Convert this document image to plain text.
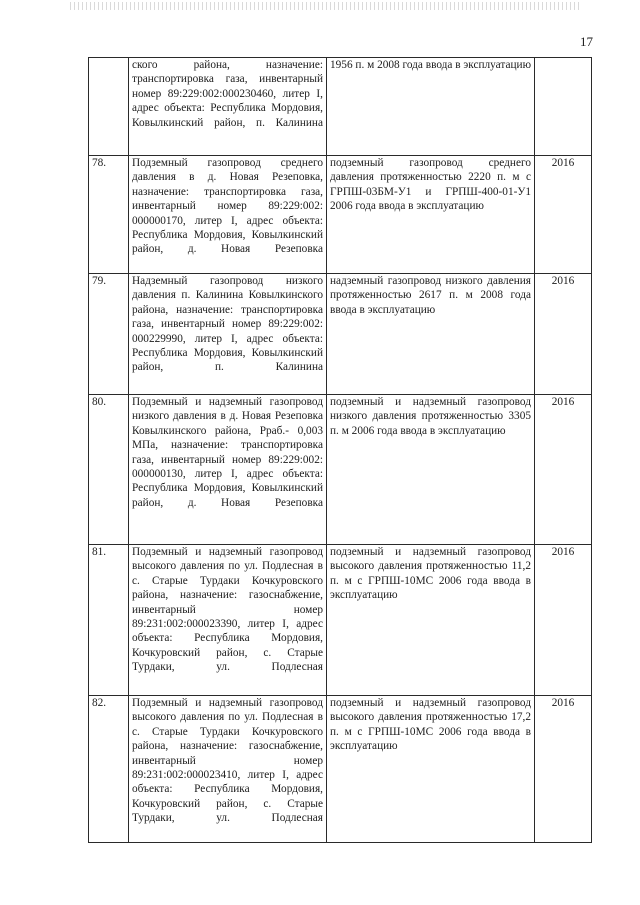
17
	ского района, назначение: транспортировка газа, инвентарный номер 89:229:002:000230460, литер I, адрес объекта: Республика Мордовия, Ковылкинский район, п. Калинина	1956 п. м 2008 года ввода в эксплуатацию	
78.	Подземный газопровод среднего давления в д. Новая Резеповка, назначение: транспортировка газа, инвентарный номер 89:229:002: 000000170, литер I, адрес объекта: Республика Мордовия, Ковылкинский район, д. Новая Резеповка	подземный газопровод среднего давления протяженностью 2220 п. м с ГРПШ-03БМ-У1 и ГРПШ-400-01-У1 2006 года ввода в эксплуатацию	2016
79.	Надземный газопровод низкого давления п. Калинина Ковылкинского района, назначение: транспортировка газа, инвентарный номер 89:229:002: 000229990, литер I, адрес объекта: Республика Мордовия, Ковылкинский район, п. Калинина	надземный газопровод низкого давления протяженностью 2617 п. м 2008 года ввода в эксплуатацию	2016
80.	Подземный и надземный газопровод низкого давления в д. Новая Резеповка Ковылкинского района, Рраб.- 0,003 МПа, назначение: транспортировка газа, инвентарный номер 89:229:002: 000000130, литер I, адрес объекта: Республика Мордовия, Ковылкинский район, д. Новая Резеповка	подземный и надземный газопровод низкого давления протяженностью 3305 п. м 2006 года ввода в эксплуатацию	2016
81.	Подземный и надземный газопровод высокого давления по ул. Подлесная в с. Старые Турдаки Кочкуровского района, назначение: газоснабжение, инвентарный номер 89:231:002:000023390, литер I, адрес объекта: Республика Мордовия, Кочкуровский район, с. Старые Турдаки, ул. Подлесная	подземный и надземный газопровод высокого давления протяженностью 11,2 п. м с ГРПШ-10МС 2006 года ввода в эксплуатацию	2016
82.	Подземный и надземный газопровод высокого давления по ул. Подлесная в с. Старые Турдаки Кочкуровского района, назначение: газоснабжение, инвентарный номер 89:231:002:000023410, литер I, адрес объекта: Республика Мордовия, Кочкуровский район, с. Старые Турдаки, ул. Подлесная	подземный и надземный газопровод высокого давления протяженностью 17,2 п. м с ГРПШ-10МС 2006 года ввода в эксплуатацию	2016
